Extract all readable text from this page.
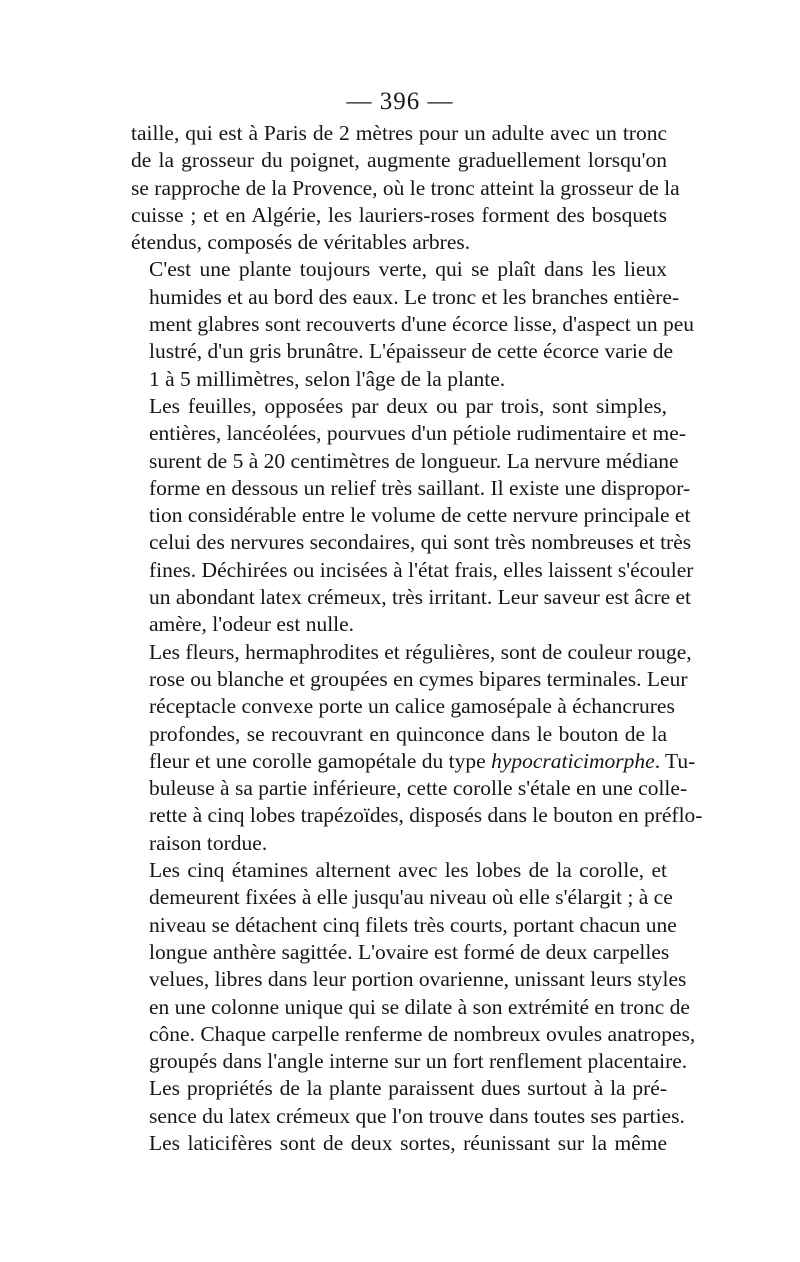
— 396 —
taille, qui est à Paris de 2 mètres pour un adulte avec un tronc
de la grosseur du poignet, augmente graduellement lorsqu'on
se rapproche de la Provence, où le tronc atteint la grosseur de la
cuisse ; et en Algérie, les lauriers-roses forment des bosquets
étendus, composés de véritables arbres.
C'est une plante toujours verte, qui se plaît dans les lieux
humides et au bord des eaux. Le tronc et les branches entière-
ment glabres sont recouverts d'une écorce lisse, d'aspect un peu
lustré, d'un gris brunâtre. L'épaisseur de cette écorce varie de
1 à 5 millimètres, selon l'âge de la plante.
Les feuilles, opposées par deux ou par trois, sont simples,
entières, lancéolées, pourvues d'un pétiole rudimentaire et me-
surent de 5 à 20 centimètres de longueur. La nervure médiane
forme en dessous un relief très saillant. Il existe une dispropor-
tion considérable entre le volume de cette nervure principale et
celui des nervures secondaires, qui sont très nombreuses et très
fines. Déchirées ou incisées à l'état frais, elles laissent s'écouler
un abondant latex crémeux, très irritant. Leur saveur est âcre et
amère, l'odeur est nulle.
Les fleurs, hermaphrodites et régulières, sont de couleur rouge,
rose ou blanche et groupées en cymes bipares terminales. Leur
réceptacle convexe porte un calice gamosépale à échancrures
profondes, se recouvrant en quinconce dans le bouton de la
fleur et une corolle gamopétale du type hypocraticimorphe. Tu-
buleuse à sa partie inférieure, cette corolle s'étale en une colle-
rette à cinq lobes trapézoïdes, disposés dans le bouton en préflo-
raison tordue.
Les cinq étamines alternent avec les lobes de la corolle, et
demeurent fixées à elle jusqu'au niveau où elle s'élargit ; à ce
niveau se détachent cinq filets très courts, portant chacun une
longue anthère sagittée. L'ovaire est formé de deux carpelles
velues, libres dans leur portion ovarienne, unissant leurs styles
en une colonne unique qui se dilate à son extrémité en tronc de
cône. Chaque carpelle renferme de nombreux ovules anatropes,
groupés dans l'angle interne sur un fort renflement placentaire.
Les propriétés de la plante paraissent dues surtout à la pré-
sence du latex crémeux que l'on trouve dans toutes ses parties.
Les laticifères sont de deux sortes, réunissant sur la même
